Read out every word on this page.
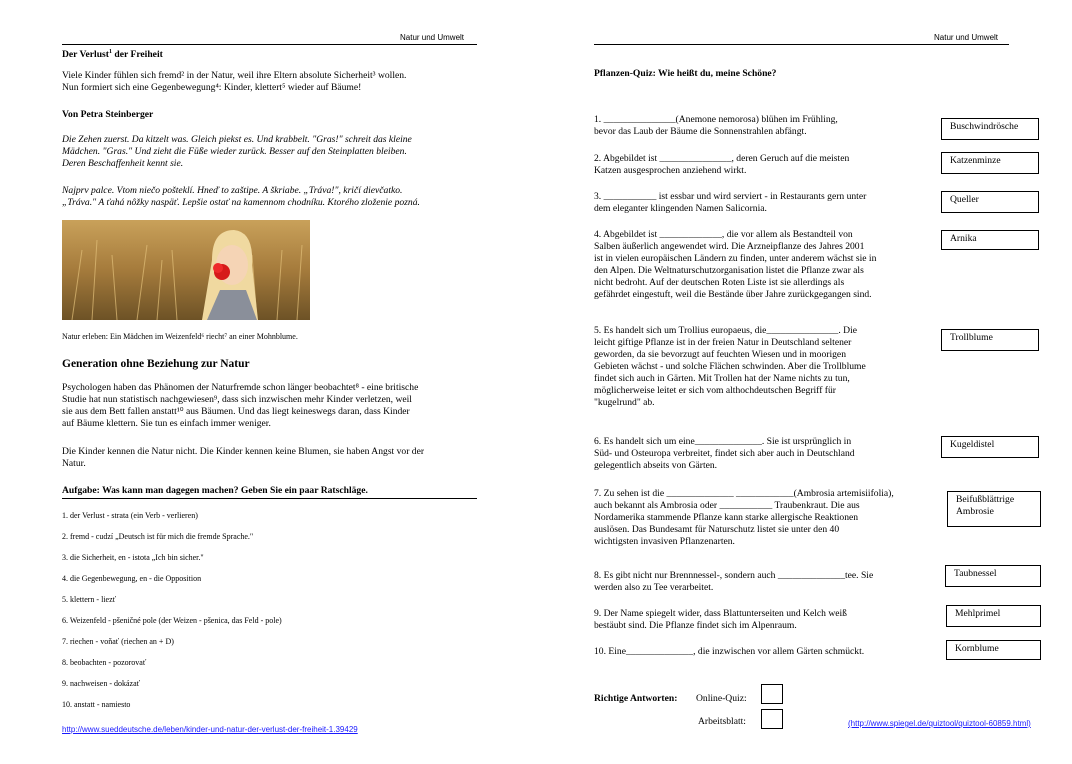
Natur und Umwelt
Der Verlust$^1$ der Freiheit
Viele Kinder fühlen sich fremd² in der Natur, weil ihre Eltern absolute Sicherheit³ wollen.
Nun formiert sich eine Gegenbewegung⁴: Kinder, klettert⁵ wieder auf Bäume!
Von Petra Steinberger
Die Zehen zuerst. Da kitzelt was. Gleich piekst es. Und krabbelt. "Gras!" schreit das kleine
Mädchen. "Gras." Und zieht die Füße wieder zurück. Besser auf den Steinplatten bleiben.
Deren Beschaffenheit kennt sie.
Najprv palce. Vtom niečo pošteklí. Hneď to zaštipe. A škriabe. „Tráva!", kričí dievčatko.
„Tráva." A ťahá nôžky naspäť. Lepšie ostať na kamennom chodníku. Ktorého zloženie pozná.
Natur erleben: Ein Mädchen im Weizenfeld⁶ riecht⁷ an einer Mohnblume.
Generation ohne Beziehung zur Natur
Psychologen haben das Phänomen der Naturfremde schon länger beobachtet⁸ - eine britische
Studie hat nun statistisch nachgewiesen⁹, dass sich inzwischen mehr Kinder verletzen, weil
sie aus dem Bett fallen anstatt¹⁰ aus Bäumen. Und das liegt keineswegs daran, dass Kinder
auf Bäume klettern. Sie tun es einfach immer weniger.
Die Kinder kennen die Natur nicht. Die Kinder kennen keine Blumen, sie haben Angst vor der
Natur.
Aufgabe: Was kann man dagegen machen? Geben Sie ein paar Ratschläge.
1. der Verlust - strata (ein Verb - verlieren)
2. fremd - cudzí „Deutsch ist für mich die fremde Sprache."
3. die Sicherheit, en - istota „Ich bin sicher."
4. die Gegenbewegung, en - die Opposition
5. klettern - liezť
6. Weizenfeld - pšeničné pole (der Weizen - pšenica, das Feld - pole)
7. riechen - voňať (riechen an + D)
8. beobachten - pozorovať
9. nachweisen - dokázať
10. anstatt - namiesto
http://www.sueddeutsche.de/leben/kinder-und-natur-der-verlust-der-freiheit-1.39429
Natur und Umwelt
Pflanzen-Quiz: Wie heißt du, meine Schöne?
1. _______________(Anemone nemorosa) blühen im Frühling,
bevor das Laub der Bäume die Sonnenstrahlen abfängt.
2. Abgebildet ist _______________, deren Geruch auf die meisten
Katzen ausgesprochen anziehend wirkt.
3. ___________ ist essbar und wird serviert - in Restaurants gern unter
dem eleganter klingenden Namen Salicornia.
4. Abgebildet ist _____________, die vor allem als Bestandteil von
Salben äußerlich angewendet wird. Die Arzneipflanze des Jahres 2001
ist in vielen europäischen Ländern zu finden, unter anderem wächst sie in
den Alpen. Die Weltnaturschutzorganisation listet die Pflanze zwar als
nicht bedroht. Auf der deutschen Roten Liste ist sie allerdings als
gefährdet eingestuft, weil die Bestände über Jahre zurückgegangen sind.
5. Es handelt sich um Trollius europaeus, die_______________. Die
leicht giftige Pflanze ist in der freien Natur in Deutschland seltener
geworden, da sie bevorzugt auf feuchten Wiesen und in moorigen
Gebieten wächst - und solche Flächen schwinden. Aber die Trollblume
findet sich auch in Gärten. Mit Trollen hat der Name nichts zu tun,
möglicherweise leitet er sich vom althochdeutschen Begriff für
"kugelrund" ab.
6. Es handelt sich um eine______________. Sie ist ursprünglich in
Süd- und Osteuropa verbreitet, findet sich aber auch in Deutschland
gelegentlich abseits von Gärten.
7. Zu sehen ist die ______________ ____________(Ambrosia artemisiifolia),
auch bekannt als Ambrosia oder ___________ Traubenkraut. Die aus
Nordamerika stammende Pflanze kann starke allergische Reaktionen
auslösen. Das Bundesamt für Naturschutz listet sie unter den 40
wichtigsten invasiven Pflanzenarten.
8. Es gibt nicht nur Brennnessel-, sondern auch ______________tee. Sie
werden also zu Tee verarbeitet.
9. Der Name spiegelt wider, dass Blattunterseiten und Kelch weiß
bestäubt sind. Die Pflanze findet sich im Alpenraum.
10. Eine______________, die inzwischen vor allem Gärten schmückt.
Buschwindrösche
Katzenminze
Queller
Arnika
Trollblume
Kugeldistel
Beifußblättrige Ambrosie
Taubnessel
Mehlprimel
Kornblume
Richtige Antworten: Online-Quiz:
Arbeitsblatt:	(http://www.spiegel.de/quiztool/quiztool-60859.html)
